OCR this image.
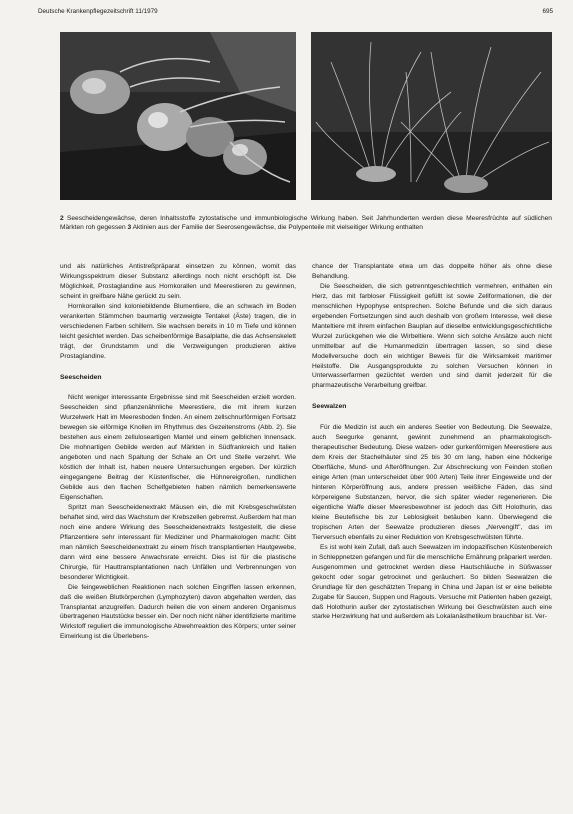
Deutsche Krankenpflegezeitschrift 11/1979	695
2 Seescheidengewächse, deren Inhaltsstoffe zytostatische und immunbiologische Wirkung haben. Seit Jahrhunderten werden diese Meeresfrüchte auf südlichen Märkten roh gegessen 3 Aktinien aus der Familie der Seerosengewächse, die Polypenteile mit vielseitiger Wirkung enthalten

und als natürliches Antistreßpräparat einsetzen zu können, womit das Wirkungsspektrum dieser Substanz allerdings noch nicht erschöpft ist. Die Möglichkeit, Prostaglandine aus Hornkorallen und Meerestieren zu gewinnen, scheint in greifbare Nähe gerückt zu sein.

Hornkorallen sind koloniebildende Blumentiere, die an schwach im Boden verankerten Stämmchen baumartig verzweigte Tentakel (Äste) tragen, die in verschiedenen Farben schillern. Sie wachsen bereits in 10 m Tiefe und können leicht gesichtet werden. Das scheibenförmige Basalplatte, die das Achsenskelett trägt, der Grundstamm und die Verzweigungen produzieren aktive Prostaglandine.

Seescheiden

Nicht weniger interessante Ergebnisse sind mit Seescheiden erzielt worden. Seescheiden sind pflanzenähnliche Meerestiere, die mit ihrem kurzen Wurzelwerk Halt im Meeresboden finden. An einem zellschnurförmigen Fortsatz bewegen sie eiförmige Knollen im Rhythmus des Gezeitenstroms (Abb. 2). Sie bestehen aus einem zelluloseartigen Mantel und einem gelblichen Innensack. Die mohnartigen Gebilde werden auf Märkten in Südfrankreich und Italien angeboten und nach Spaltung der Schale an Ort und Stelle verzehrt. Wie köstlich der Inhalt ist, haben neuere Untersuchungen ergeben. Der kürzlich eingegangene Beitrag der Küstenfischer, die Hühnereigroßen, rundlichen Gebilde aus den flachen Schelfgebieten haben nämlich bemerkenswerte Eigenschaften.

Spritzt man Seescheidenextrakt Mäusen ein, die mit Krebsgeschwülsten behaftet sind, wird das Wachstum der Krebszellen gebremst. Außerdem hat man noch eine andere Wirkung des Seescheidenextrakts festgestellt, die diese Pflanzentiere sehr interessant für Mediziner und Pharmakologen macht: Gibt man nämlich Seescheidenextrakt zu einem frisch transplantierten Hautgewebe, dann wird eine bessere Anwachsrate erreicht. Dies ist für die plastische Chirurgie, für Hauttransplantationen nach Unfällen und Verbrennungen von besonderer Wichtigkeit.

Die feingeweblichen Reaktionen nach solchen Eingriffen lassen erkennen, daß die weißen Blutkörperchen (Lymphozyten) davon abgehalten werden, das Transplantat anzugreifen. Dadurch heilen die von einem anderen Organismus übertragenen Hautstücke besser ein. Der noch nicht näher identifizierte maritime Wirkstoff reguliert die immunologische Abwehrreaktion des Körpers; unter seiner Einwirkung ist die Überlebens-

chance der Transplantate etwa um das doppelte höher als ohne diese Behandlung.

Die Seescheiden, die sich getrenntgeschlechtlich vermehren, enthalten ein Herz, das mit farbloser Flüssigkeit gefüllt ist sowie Zellformationen, die der menschlichen Hypophyse entsprechen. Solche Befunde und die sich daraus ergebenden Fortsetzungen sind auch deshalb von großem Interesse, weil diese Manteltiere mit ihrem einfachen Bauplan auf dieselbe entwicklungsgeschichtliche Wurzel zurückgehen wie die Wirbeltiere. Wenn sich solche Ansätze auch nicht unmittelbar auf die Humanmedizin übertragen lassen, so sind diese Modellversuche doch ein wichtiger Beweis für die Wirksamkeit maritimer Heilstoffe. Die Ausgangsprodukte zu solchen Versuchen können in Unterwasserfarmen gezüchtet werden und sind damit jederzeit für die pharmazeutische Verarbeitung greifbar.

Seewalzen

Für die Medizin ist auch ein anderes Seetier von Bedeutung. Die Seewalze, auch Seegurke genannt, gewinnt zunehmend an pharmakologisch-therapeutischer Bedeutung. Diese walzen- oder gurkenförmigen Meerestiere aus dem Kreis der Stachelhäuter sind 25 bis 30 cm lang, haben eine höckerige Oberfläche, Mund- und Afteröffnungen. Zur Abschreckung von Feinden stoßen einige Arten (man unterscheidet über 900 Arten) Teile ihrer Eingeweide und der hinteren Körperöffnung aus, andere pressen weißliche Fäden, das sind körpereigene Substanzen, hervor, die sich später wieder regenerieren. Die eigentliche Waffe dieser Meeresbewohner ist jedoch das Gift Holothurin, das kleine Beutefische bis zur Leblosigkeit betäuben kann. Überwiegend die tropischen Arten der Seewalze produzieren dieses „Nervengift", das im Tierversuch ebenfalls zu einer Reduktion von Krebsgeschwülsten führte.

Es ist wohl kein Zufall, daß auch Seewalzen im indopazifischen Küstenbereich in Schleppnetzen gefangen und für die menschliche Ernährung präpariert werden. Ausgenommen und getrocknet werden diese Hautschläuche in Süßwasser gekocht oder sogar getrocknet und geräuchert. So bilden Seewalzen die Grundlage für den geschätzten Trepang in China und Japan ist er eine beliebte Zugabe für Saucen, Suppen und Ragouts. Versuche mit Patienten haben gezeigt, daß Holothurin außer der zytostatischen Wirkung bei Geschwülsten auch eine starke Herzwirkung hat und außerdem als Lokalanästhetikum brauchbar ist. Ver-
